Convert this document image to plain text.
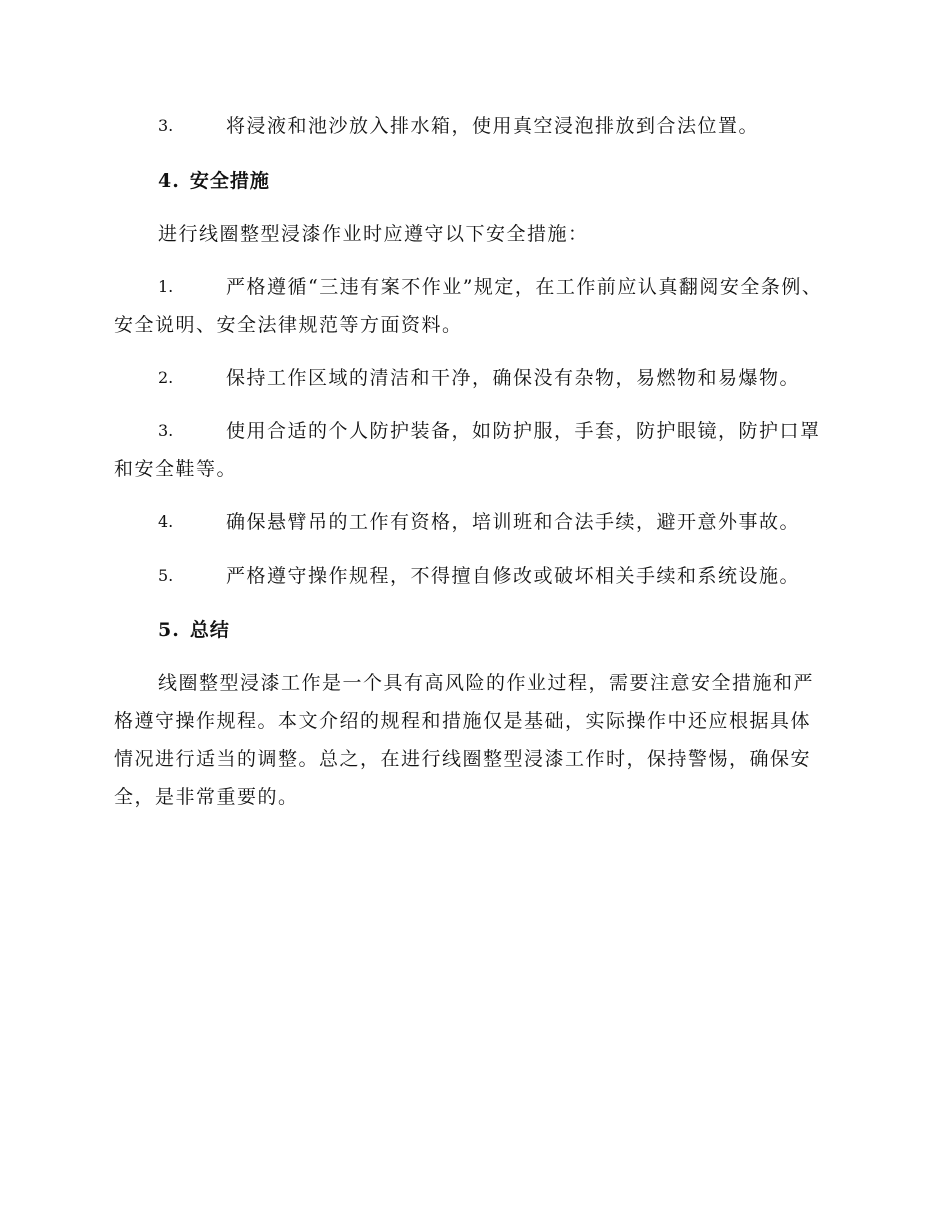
3.	将浸液和池沙放入排水箱，使用真空浸泡排放到合法位置。
4. 安全措施

进行线圈整型浸漆作业时应遵守以下安全措施：

1.	严格遵循“三违有案不作业”规定，在工作前应认真翻阅安全条例、安全说明、安全法律规范等方面资料。
2.	保持工作区域的清洁和干净，确保没有杂物，易燃物和易爆物。
3.	使用合适的个人防护装备，如防护服，手套，防护眼镜，防护口罩和安全鞋等。
4.	确保悬臂吊的工作有资格，培训班和合法手续，避开意外事故。
5.	严格遵守操作规程，不得擅自修改或破坏相关手续和系统设施。
5. 总结

线圈整型浸漆工作是一个具有高风险的作业过程，需要注意安全措施和严格遵守操作规程。本文介绍的规程和措施仅是基础，实际操作中还应根据具体情况进行适当的调整。总之，在进行线圈整型浸漆工作时，保持警惕，确保安全，是非常重要的。
